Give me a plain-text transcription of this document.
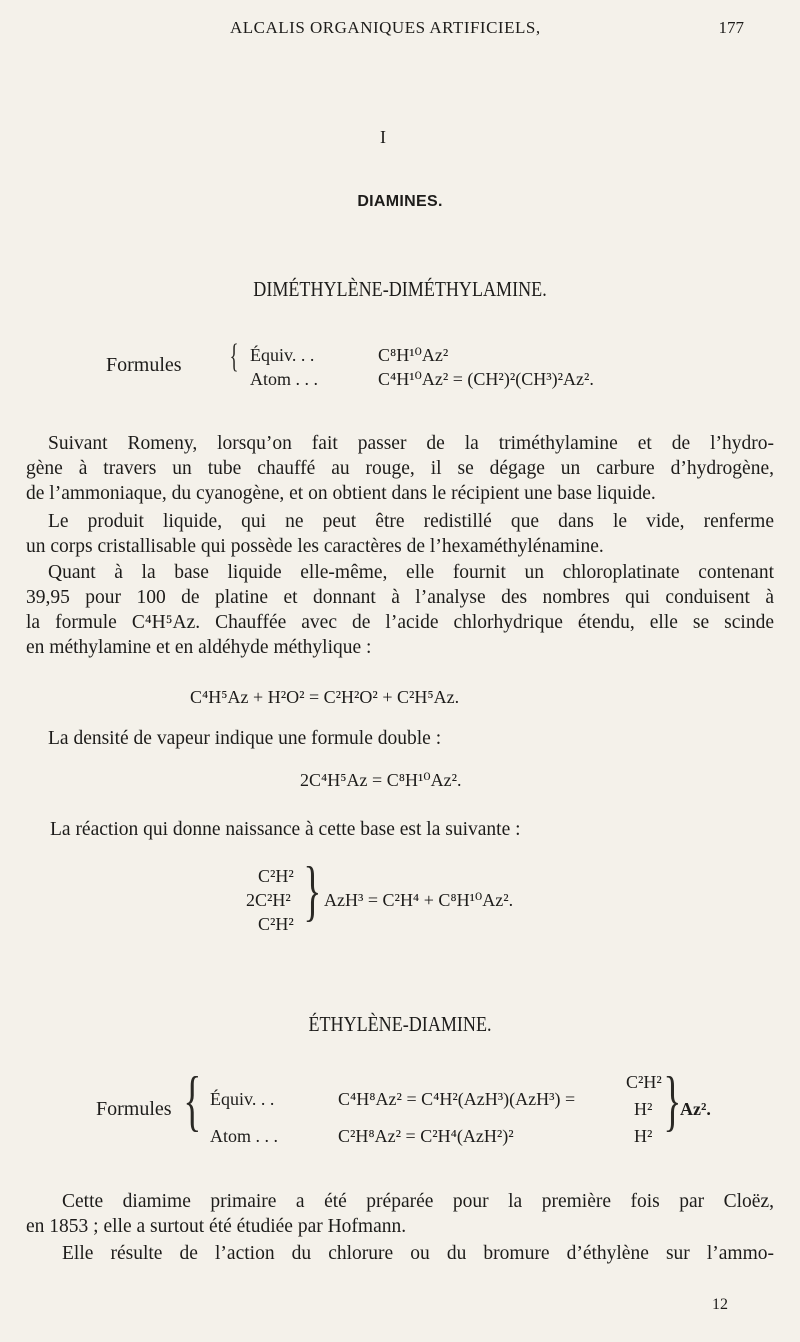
ALCALIS ORGANIQUES ARTIFICIELS,	177
I
DIAMINES.
DIMÉTHYLÈNE-DIMÉTHYLAMINE.
Formules { Équiv. . .	C⁸H¹⁰Az²
Atom . . .	C⁴H¹⁰Az² = (CH²)²(CH³)²Az².
Suivant Romeny, lorsqu’on fait passer de la triméthylamine et de l’hydro-
gène à travers un tube chauffé au rouge, il se dégage un carbure d’hydrogène,
de l’ammoniaque, du cyanogène, et on obtient dans le récipient une base liquide.
Le produit liquide, qui ne peut être redistillé que dans le vide, renferme
un corps cristallisable qui possède les caractères de l’hexaméthylénamine.
Quant à la base liquide elle-même, elle fournit un chloroplatinate contenant
39,95 pour 100 de platine et donnant à l’analyse des nombres qui conduisent à
la formule C⁴H⁵Az. Chauffée avec de l’acide chlorhydrique étendu, elle se scinde
en méthylamine et en aldéhyde méthylique :
C⁴H⁵Az + H²O² = C²H²O² + C²H⁵Az.
La densité de vapeur indique une formule double :
2C⁴H⁵Az = C⁸H¹⁰Az².
La réaction qui donne naissance à cette base est la suivante :
C²H²
2C²H²
C²H² } AzH³ = C²H⁴ + C⁸H¹⁰Az².
ÉTHYLÈNE-DIAMINE.
Formules { Équiv. . .	C⁴H⁸Az² = C⁴H²(AzH³)(AzH³) =
Atom . . .	C²H⁸Az² = C²H⁴(AzH²)²
C²H²
H²
H² }
Az².
Cette diamime primaire a été préparée pour la première fois par Cloëz,
en 1853 ; elle a surtout été étudiée par Hofmann.
Elle résulte de l’action du chlorure ou du bromure d’éthylène sur l’ammo-
12
